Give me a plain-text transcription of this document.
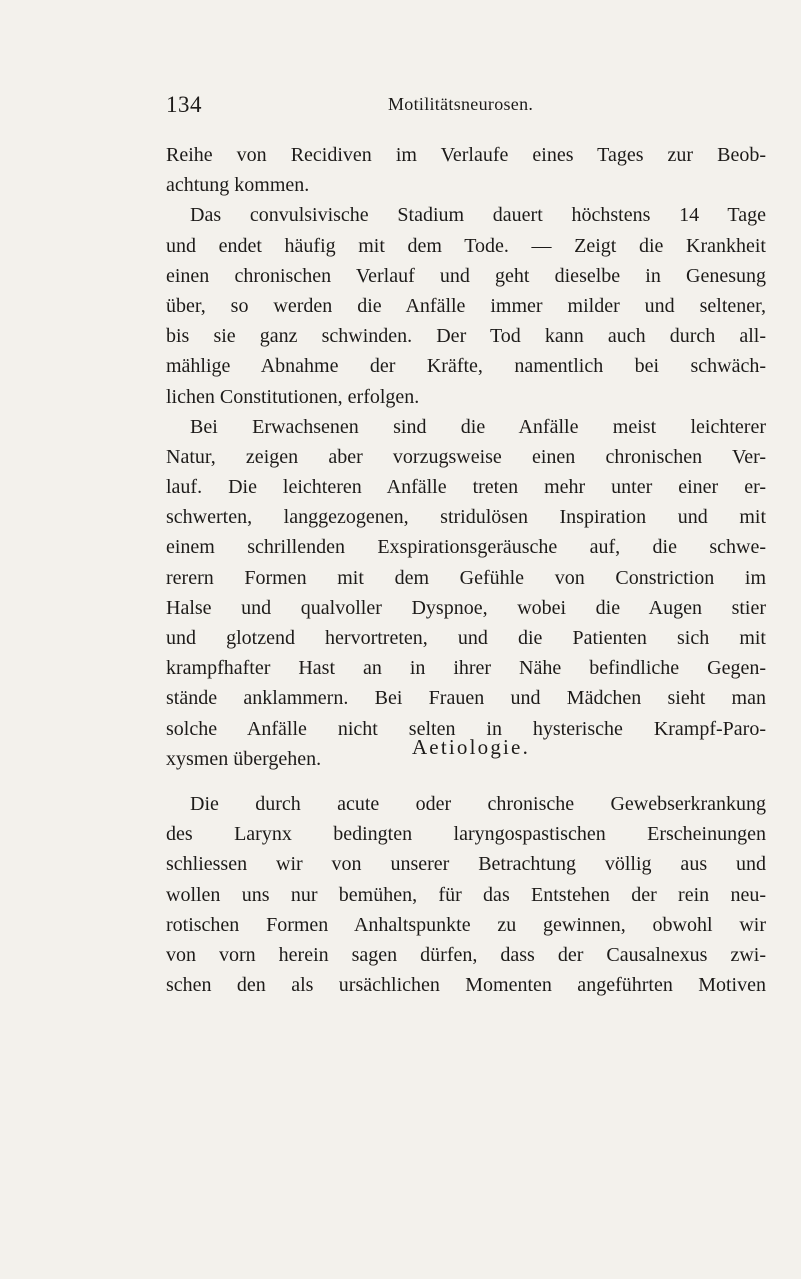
134	Motilitätsneurosen.
Reihe von Recidiven im Verlaufe eines Tages zur Beob-
achtung kommen.
Das convulsivische Stadium dauert höchstens 14 Tage
und endet häufig mit dem Tode. — Zeigt die Krankheit
einen chronischen Verlauf und geht dieselbe in Genesung
über, so werden die Anfälle immer milder und seltener,
bis sie ganz schwinden. Der Tod kann auch durch all-
mählige Abnahme der Kräfte, namentlich bei schwäch-
lichen Constitutionen, erfolgen.
Bei Erwachsenen sind die Anfälle meist leichterer
Natur, zeigen aber vorzugsweise einen chronischen Ver-
lauf. Die leichteren Anfälle treten mehr unter einer er-
schwerten, langgezogenen, stridulösen Inspiration und mit
einem schrillenden Exspirationsgeräusche auf, die schwe-
rerern Formen mit dem Gefühle von Constriction im
Halse und qualvoller Dyspnoe, wobei die Augen stier
und glotzend hervortreten, und die Patienten sich mit
krampfhafter Hast an in ihrer Nähe befindliche Gegen-
stände anklammern. Bei Frauen und Mädchen sieht man
solche Anfälle nicht selten in hysterische Krampf-Paro-
xysmen übergehen.	Aetiologie.
Die durch acute oder chronische Gewebserkrankung
des Larynx bedingten laryngospastischen Erscheinungen
schliessen wir von unserer Betrachtung völlig aus und
wollen uns nur bemühen, für das Entstehen der rein neu-
rotischen Formen Anhaltspunkte zu gewinnen, obwohl wir
von vorn herein sagen dürfen, dass der Causalnexus zwi-
schen den als ursächlichen Momenten angeführten Motiven
